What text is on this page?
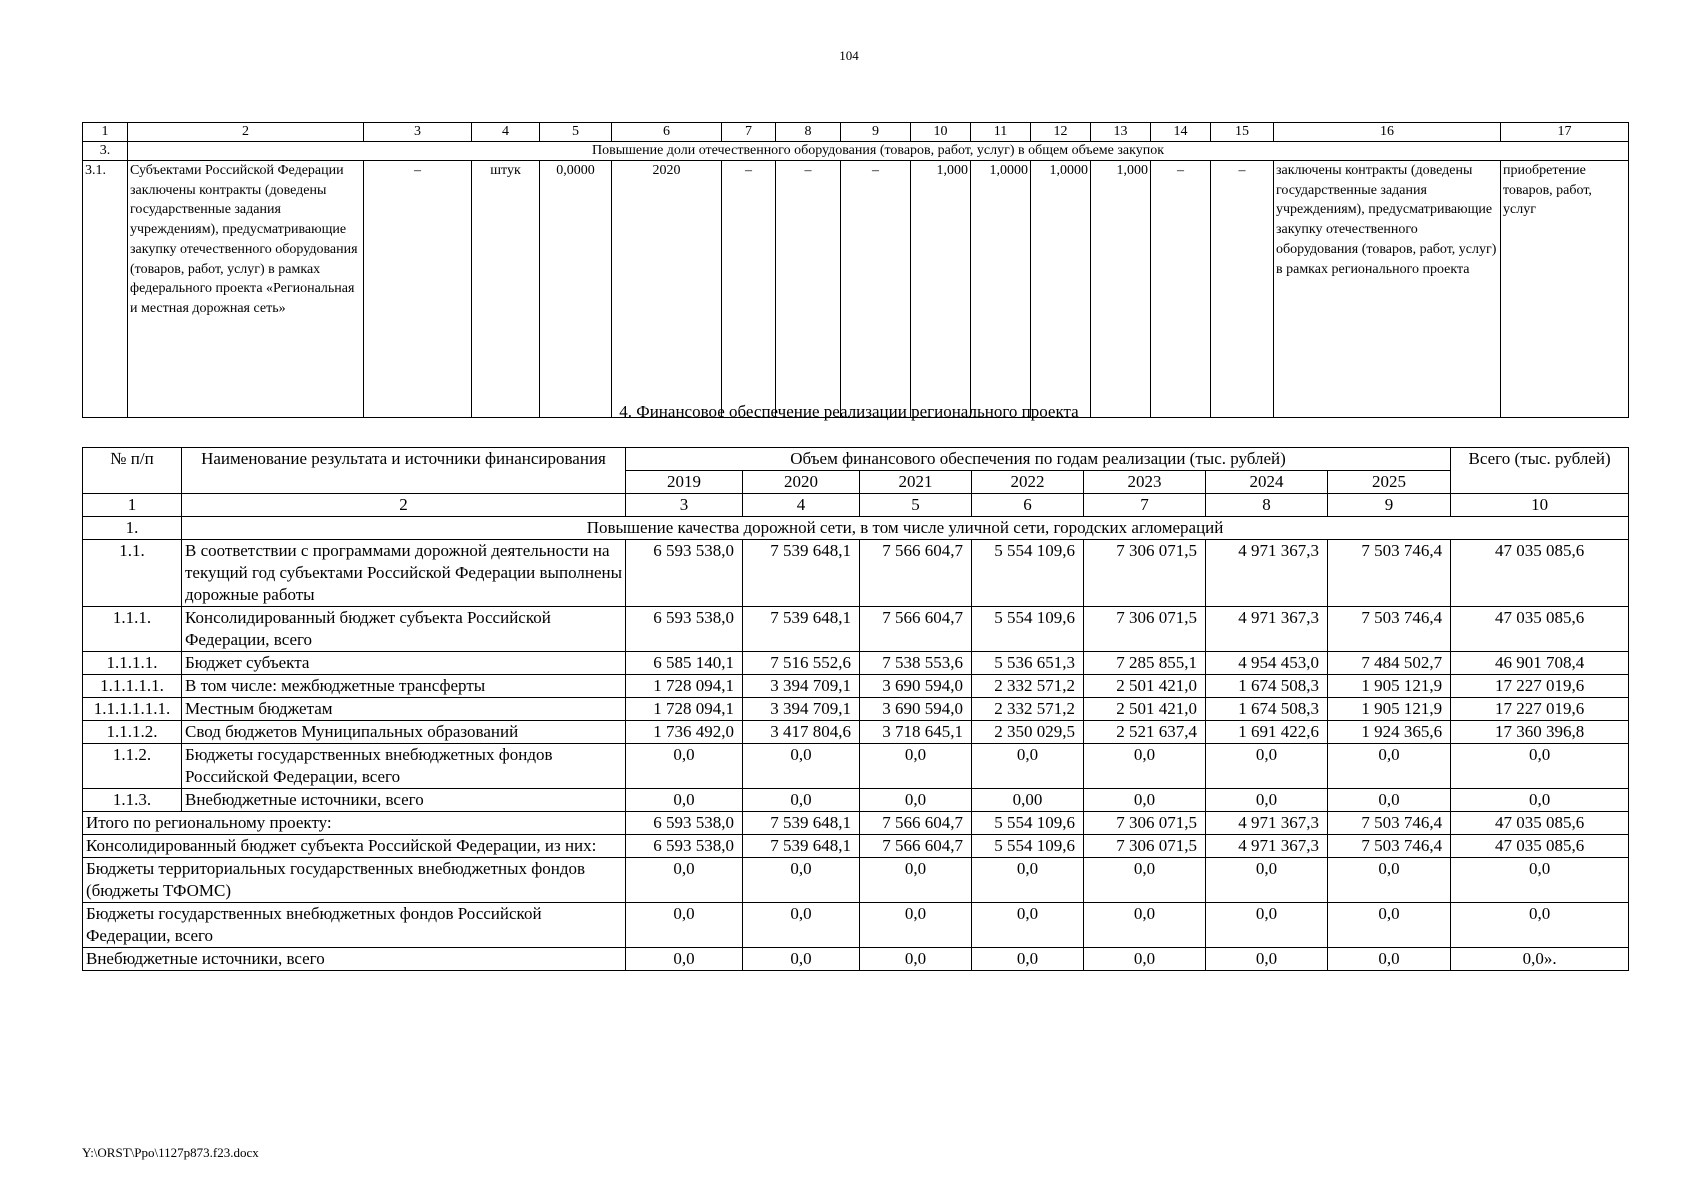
104
1	2	3	4	5	6	7	8	9	10	11	12	13	14	15	16	17
3.	Повышение доли отечественного оборудования (товаров, работ, услуг) в общем объеме закупок															
3.1.	Субъектами Российской Федерации заключены контракты (доведены государственные задания учреждениям), предусматривающие закупку отечественного оборудования (товаров, работ, услуг) в рамках федерального проекта «Региональная и местная дорожная сеть»	–	штук	0,0000	2020	–	–	–	1,000	1,0000	1,0000	1,000	–	–	заключены контракты (доведены государственные задания учреждениям), предусматривающие закупку отечественного оборудования (товаров, работ, услуг) в рамках регионального проекта	приобретение товаров, работ, услуг
4. Финансовое обеспечение реализации регионального проекта
№ п/п	Наименование результата и источники финансирования	Объем финансового обеспечения по годам реализации (тыс. рублей)							Всего (тыс. рублей)
		2019	2020	2021	2022	2023	2024	2025	
1	2	3	4	5	6	7	8	9	10
1.	Повышение качества дорожной сети, в том числе уличной сети, городских агломераций								
1.1.	В соответствии с программами дорожной деятельности на текущий год субъектами Российской Федерации выполнены дорожные работы	6 593 538,0	7 539 648,1	7 566 604,7	5 554 109,6	7 306 071,5	4 971 367,3	7 503 746,4	47 035 085,6
1.1.1.	Консолидированный бюджет субъекта Российской Федерации, всего	6 593 538,0	7 539 648,1	7 566 604,7	5 554 109,6	7 306 071,5	4 971 367,3	7 503 746,4	47 035 085,6
1.1.1.1.	Бюджет субъекта	6 585 140,1	7 516 552,6	7 538 553,6	5 536 651,3	7 285 855,1	4 954 453,0	7 484 502,7	46 901 708,4
1.1.1.1.1.	В том числе: межбюджетные трансферты	1 728 094,1	3 394 709,1	3 690 594,0	2 332 571,2	2 501 421,0	1 674 508,3	1 905 121,9	17 227 019,6
1.1.1.1.1.1.	Местным бюджетам	1 728 094,1	3 394 709,1	3 690 594,0	2 332 571,2	2 501 421,0	1 674 508,3	1 905 121,9	17 227 019,6
1.1.1.2.	Свод бюджетов Муниципальных образований	1 736 492,0	3 417 804,6	3 718 645,1	2 350 029,5	2 521 637,4	1 691 422,6	1 924 365,6	17 360 396,8
1.1.2.	Бюджеты государственных внебюджетных фондов Российской Федерации, всего	0,0	0,0	0,0	0,0	0,0	0,0	0,0	0,0
1.1.3.	Внебюджетные источники, всего	0,0	0,0	0,0	0,00	0,0	0,0	0,0	0,0
Итого по региональному проекту:		6 593 538,0	7 539 648,1	7 566 604,7	5 554 109,6	7 306 071,5	4 971 367,3	7 503 746,4	47 035 085,6
Консолидированный бюджет субъекта Российской Федерации, из них:		6 593 538,0	7 539 648,1	7 566 604,7	5 554 109,6	7 306 071,5	4 971 367,3	7 503 746,4	47 035 085,6
Бюджеты территориальных государственных внебюджетных фондов (бюджеты ТФОМС)		0,0	0,0	0,0	0,0	0,0	0,0	0,0	0,0
Бюджеты государственных внебюджетных фондов Российской Федерации, всего		0,0	0,0	0,0	0,0	0,0	0,0	0,0	0,0
Внебюджетные источники, всего		0,0	0,0	0,0	0,0	0,0	0,0	0,0	0,0».
Y:\ORST\Ppo\1127p873.f23.docx
